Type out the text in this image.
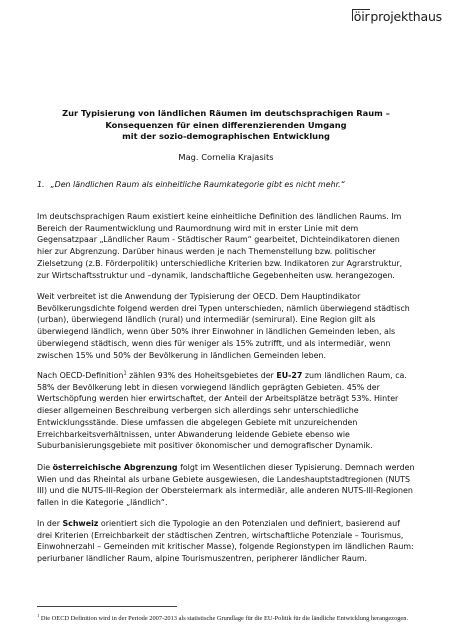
öirprojekthaus
Zur Typisierung von ländlichen Räumen im deutschsprachigen Raum –
Konsequenzen für einen differenzierenden Umgang
mit der sozio-demographischen Entwicklung
Mag. Cornelia Krajasits
1. „Den ländlichen Raum als einheitliche Raumkategorie gibt es nicht mehr.“

Im deutschsprachigen Raum existiert keine einheitliche Definition des ländlichen Raums. Im Bereich der Raumentwicklung und Raumordnung wird mit in erster Linie mit dem Gegensatzpaar „Ländlicher Raum - Städtischer Raum“ gearbeitet, Dichteindikatoren dienen hier zur Abgrenzung. Darüber hinaus werden je nach Themenstellung bzw. politischer Zielsetzung (z.B. Förderpolitik) unterschiedliche Kriterien bzw. Indikatoren zur Agrarstruktur, zur Wirtschaftsstruktur und –dynamik, landschaftliche Gegebenheiten usw. herangezogen.

Weit verbreitet ist die Anwendung der Typisierung der OECD. Dem Hauptindikator Bevölkerungsdichte folgend werden drei Typen unterschieden, nämlich überwiegend städtisch (urban), überwiegend ländlich (rural) und intermediär (semirural). Eine Region gilt als überwiegend ländlich, wenn über 50% ihrer Einwohner in ländlichen Gemeinden leben, als überwiegend städtisch, wenn dies für weniger als 15% zutrifft, und als intermediär, wenn zwischen 15% und 50% der Bevölkerung in ländlichen Gemeinden leben.

Nach OECD-Definition$^1$ zählen 93% des Hoheitsgebietes der EU-27 zum ländlichen Raum, ca. 58% der Bevölkerung lebt in diesen vorwiegend ländlich geprägten Gebieten. 45% der Wertschöpfung werden hier erwirtschaftet, der Anteil der Arbeitsplätze beträgt 53%. Hinter dieser allgemeinen Beschreibung verbergen sich allerdings sehr unterschiedliche Entwicklungsstände. Diese umfassen die abgelegen Gebiete mit unzureichenden Erreichbarkeitsverhältnissen, unter Abwanderung leidende Gebiete ebenso wie Suburbanisierungsgebiete mit positiver ökonomischer und demografischer Dynamik.

Die österreichische Abgrenzung folgt im Wesentlichen dieser Typisierung. Demnach werden Wien und das Rheintal als urbane Gebiete ausgewiesen, die Landeshauptstadtregionen (NUTS III) und die NUTS-III-Region der Obersteiermark als intermediär, alle anderen NUTS-III-Regionen fallen in die Kategorie „ländlich“.

In der Schweiz orientiert sich die Typologie an den Potenzialen und definiert, basierend auf drei Kriterien (Erreichbarkeit der städtischen Zentren, wirtschaftliche Potenziale – Tourismus, Einwohnerzahl – Gemeinden mit kritischer Masse), folgende Regionstypen im ländlichen Raum: periurbaner ländlicher Raum, alpine Tourismuszentren, peripherer ländlicher Raum.

$^1$ Die OECD Definition wird in der Periode 2007-2013 als statistische Grundlage für die EU-Politik für die ländliche Entwicklung herangezogen.
